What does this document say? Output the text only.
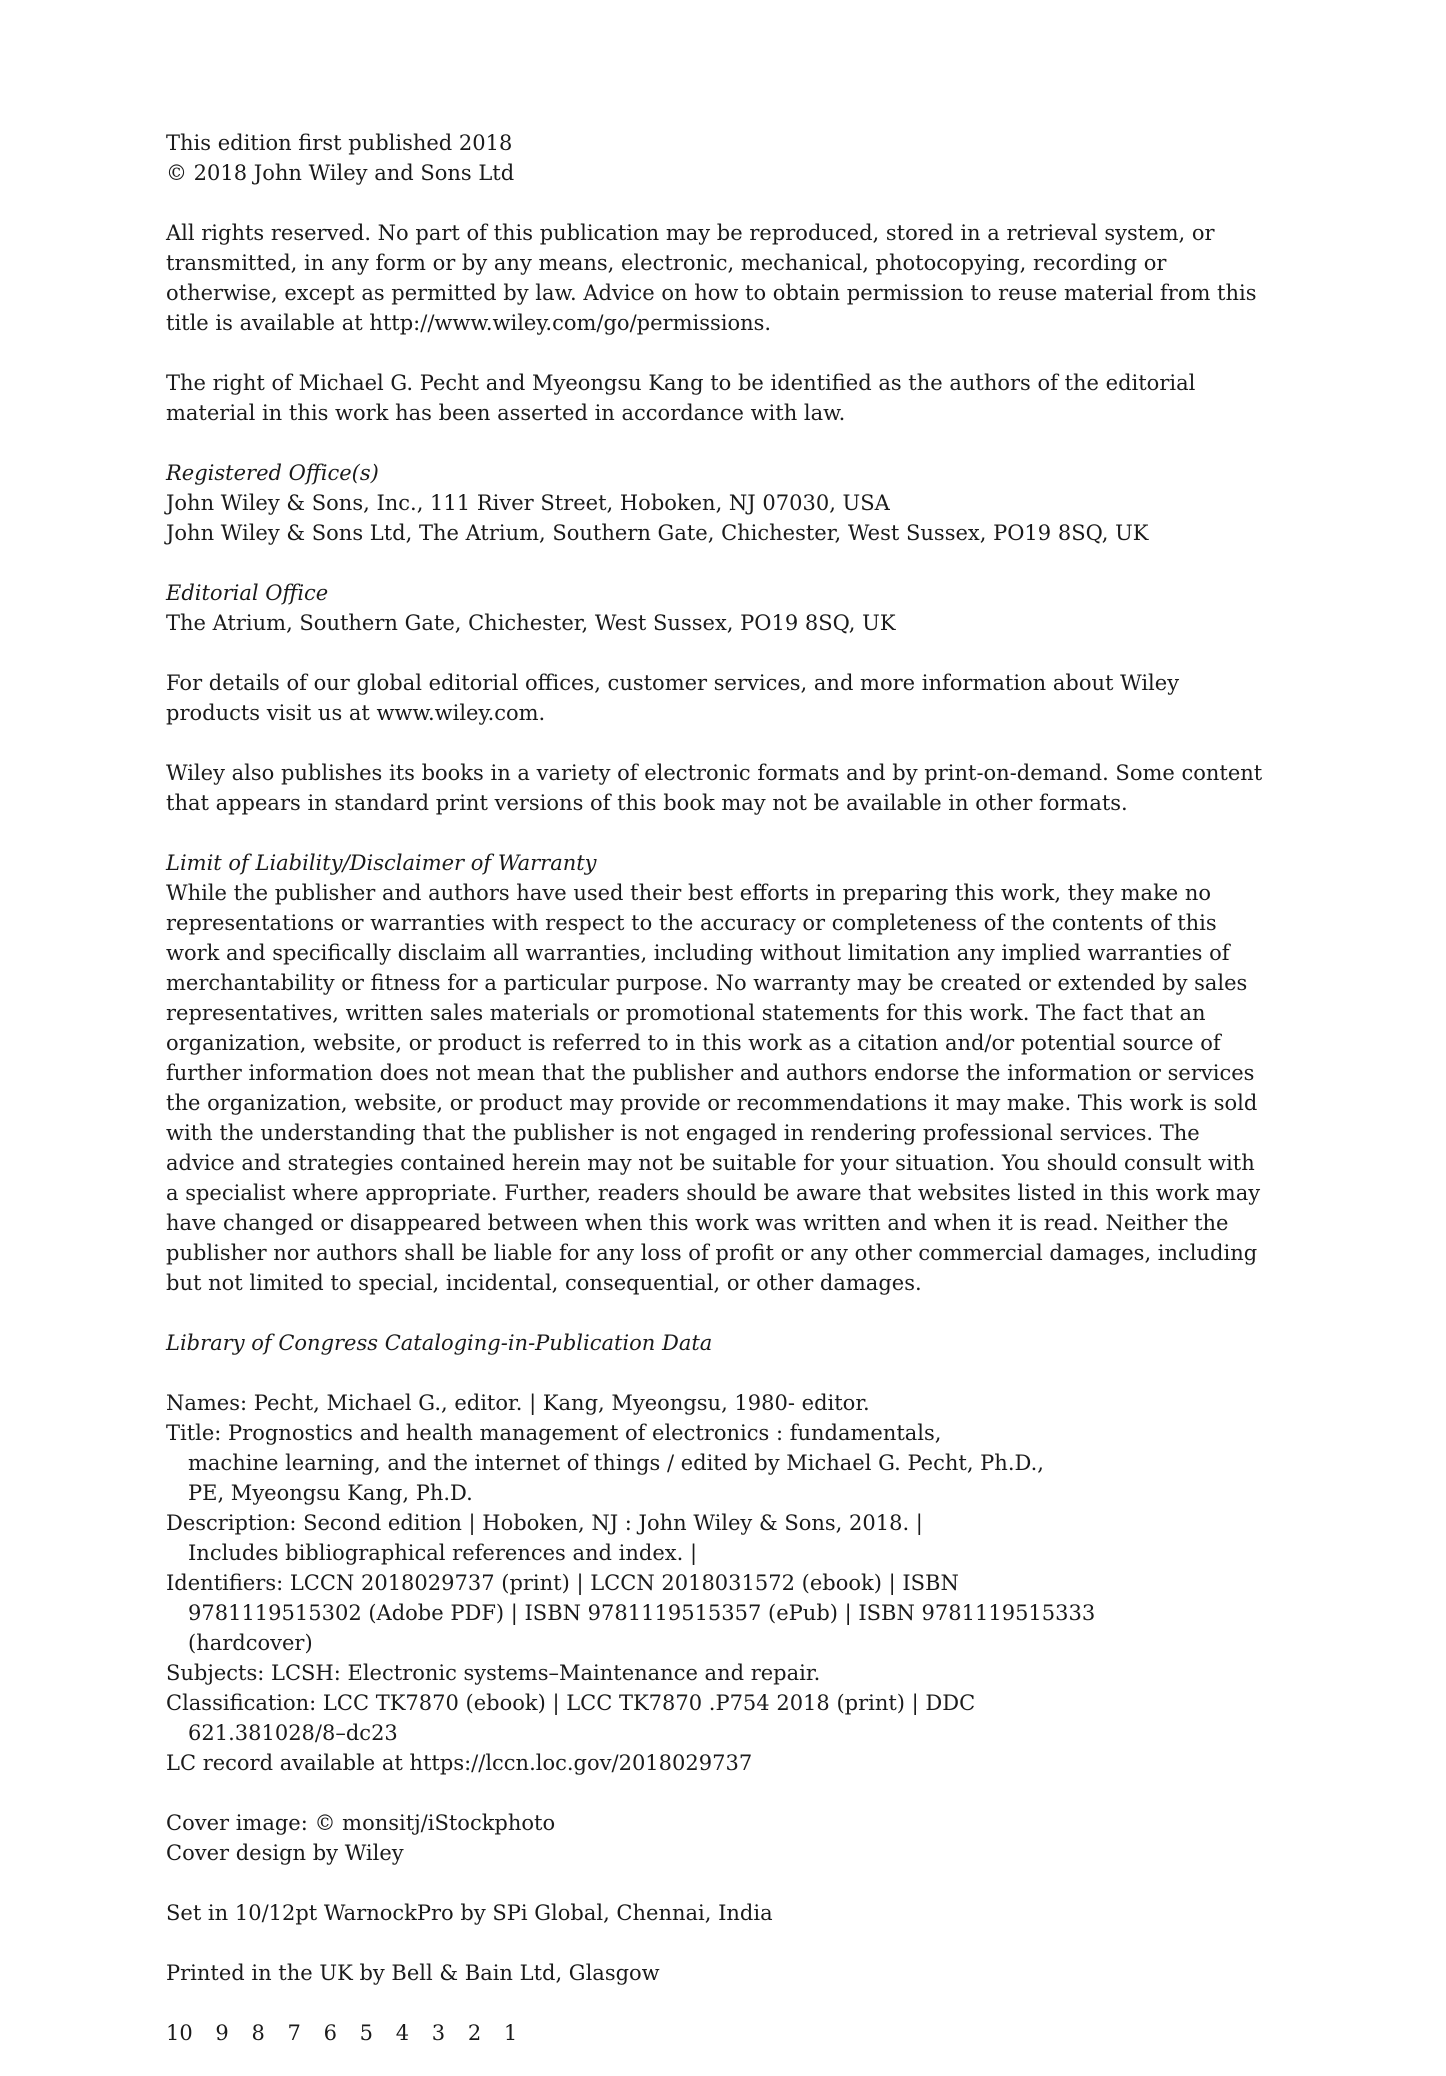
This edition first published 2018
© 2018 John Wiley and Sons Ltd
All rights reserved. No part of this publication may be reproduced, stored in a retrieval system, or transmitted, in any form or by any means, electronic, mechanical, photocopying, recording or otherwise, except as permitted by law. Advice on how to obtain permission to reuse material from this title is available at http://www.wiley.com/go/permissions.
The right of Michael G. Pecht and Myeongsu Kang to be identified as the authors of the editorial material in this work has been asserted in accordance with law.
Registered Office(s)
John Wiley & Sons, Inc., 111 River Street, Hoboken, NJ 07030, USA
John Wiley & Sons Ltd, The Atrium, Southern Gate, Chichester, West Sussex, PO19 8SQ, UK
Editorial Office
The Atrium, Southern Gate, Chichester, West Sussex, PO19 8SQ, UK
For details of our global editorial offices, customer services, and more information about Wiley products visit us at www.wiley.com.
Wiley also publishes its books in a variety of electronic formats and by print-on-demand. Some content that appears in standard print versions of this book may not be available in other formats.
Limit of Liability/Disclaimer of Warranty
While the publisher and authors have used their best efforts in preparing this work, they make no representations or warranties with respect to the accuracy or completeness of the contents of this work and specifically disclaim all warranties, including without limitation any implied warranties of merchantability or fitness for a particular purpose. No warranty may be created or extended by sales representatives, written sales materials or promotional statements for this work. The fact that an organization, website, or product is referred to in this work as a citation and/or potential source of further information does not mean that the publisher and authors endorse the information or services the organization, website, or product may provide or recommendations it may make. This work is sold with the understanding that the publisher is not engaged in rendering professional services. The advice and strategies contained herein may not be suitable for your situation. You should consult with a specialist where appropriate. Further, readers should be aware that websites listed in this work may have changed or disappeared between when this work was written and when it is read. Neither the publisher nor authors shall be liable for any loss of profit or any other commercial damages, including but not limited to special, incidental, consequential, or other damages.
Library of Congress Cataloging-in-Publication Data
Names: Pecht, Michael G., editor. | Kang, Myeongsu, 1980- editor.
Title: Prognostics and health management of electronics : fundamentals,
machine learning, and the internet of things / edited by Michael G. Pecht, Ph.D.,
PE, Myeongsu Kang, Ph.D.
Description: Second edition | Hoboken, NJ : John Wiley & Sons, 2018. |
Includes bibliographical references and index. |
Identifiers: LCCN 2018029737 (print) | LCCN 2018031572 (ebook) | ISBN
9781119515302 (Adobe PDF) | ISBN 9781119515357 (ePub) | ISBN 9781119515333
(hardcover)
Subjects: LCSH: Electronic systems–Maintenance and repair.
Classification: LCC TK7870 (ebook) | LCC TK7870 .P754 2018 (print) | DDC
621.381028/8–dc23
LC record available at https://lccn.loc.gov/2018029737
Cover image: © monsitj/iStockphoto
Cover design by Wiley
Set in 10/12pt WarnockPro by SPi Global, Chennai, India
Printed in the UK by Bell & Bain Ltd, Glasgow
10 9 8 7 6 5 4 3 2 1
